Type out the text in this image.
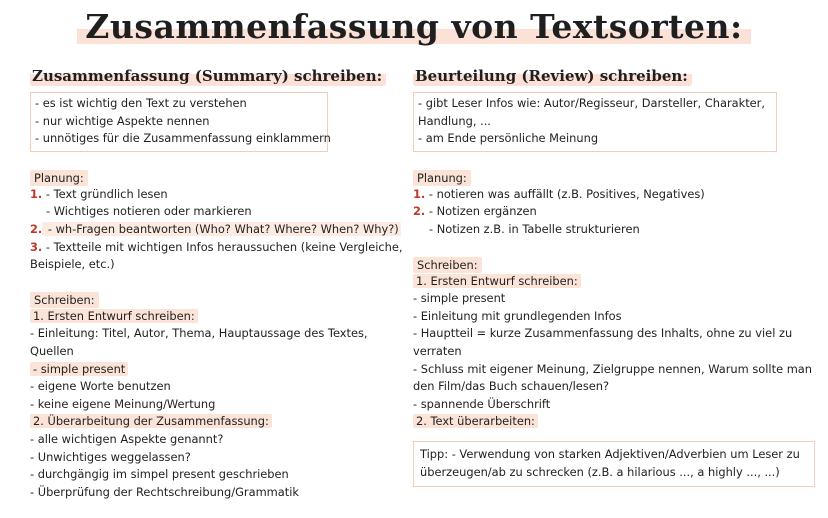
Zusammenfassung von Textsorten:
Zusammenfassung (Summary) schreiben:
- es ist wichtig den Text zu verstehen
- nur wichtige Aspekte nennen
- unnötiges für die Zusammenfassung einklammern
Planung:
1. - Text gründlich lesen
- Wichtiges notieren oder markieren
2. - wh-Fragen beantworten (Who? What? Where? When? Why?)
3. - Textteile mit wichtigen Infos heraussuchen (keine Vergleiche, Beispiele, etc.)
Schreiben:
1. Ersten Entwurf schreiben:
- Einleitung: Titel, Autor, Thema, Hauptaussage des Textes, Quellen
- simple present
- eigene Worte benutzen
- keine eigene Meinung/Wertung
2. Überarbeitung der Zusammenfassung:
- alle wichtigen Aspekte genannt?
- Unwichtiges weggelassen?
- durchgängig im simpel present geschrieben
- Überprüfung der Rechtschreibung/Grammatik
Beurteilung (Review) schreiben:
- gibt Leser Infos wie: Autor/Regisseur, Darsteller, Charakter, Handlung, ...
- am Ende persönliche Meinung
Planung:
1. - notieren was auffällt (z.B. Positives, Negatives)
2. - Notizen ergänzen
- Notizen z.B. in Tabelle strukturieren
Schreiben:
1. Ersten Entwurf schreiben:
- simple present
- Einleitung mit grundlegenden Infos
- Hauptteil = kurze Zusammenfassung des Inhalts, ohne zu viel zu verraten
- Schluss mit eigener Meinung, Zielgruppe nennen, Warum sollte man den Film/das Buch schauen/lesen?
- spannende Überschrift
2. Text überarbeiten:
Tipp: - Verwendung von starken Adjektiven/Adverbien um Leser zu überzeugen/ab zu schrecken (z.B. a hilarious ..., a highly ..., ...)
